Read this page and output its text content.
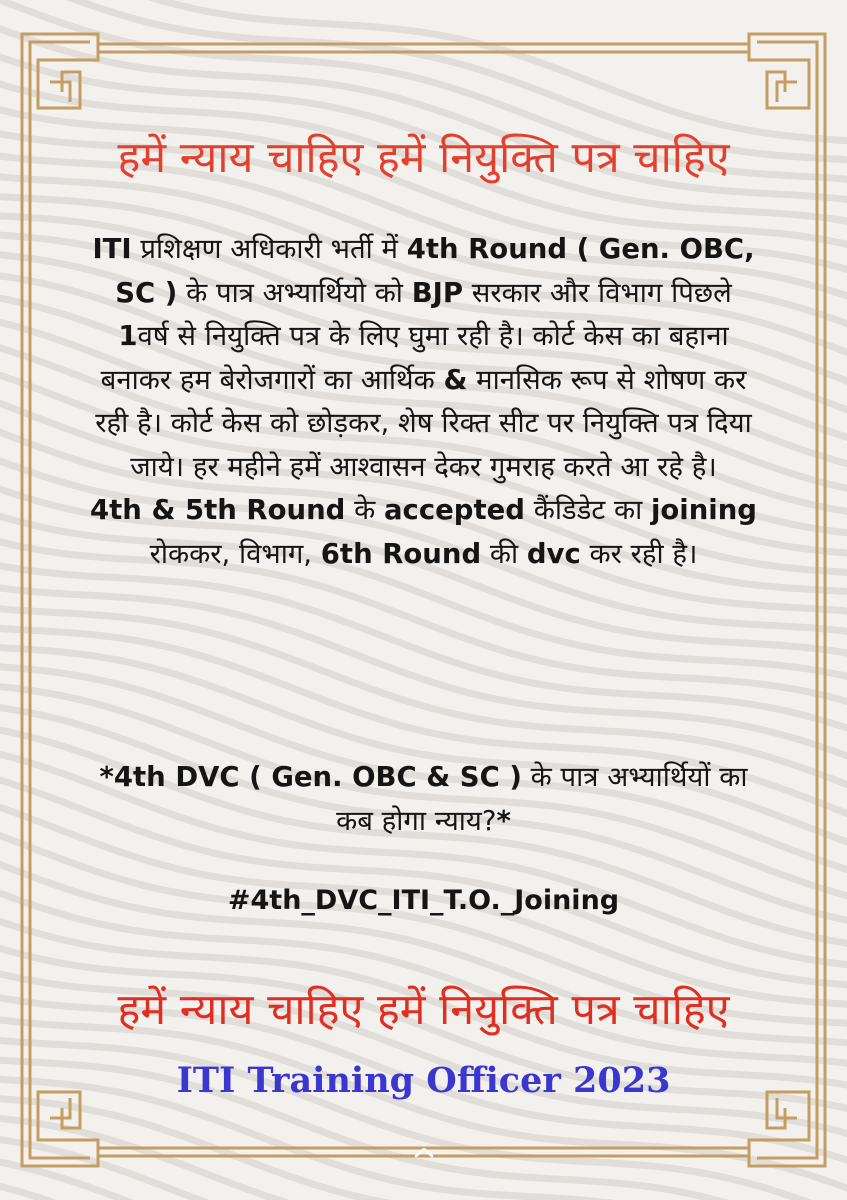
हमें न्याय चाहिए हमें नियुक्ति पत्र चाहिए

ITI प्रशिक्षण अधिकारी भर्ती में 4th Round ( Gen. OBC, SC ) के पात्र अभ्यार्थियो को BJP सरकार और विभाग पिछले 1वर्ष से नियुक्ति पत्र के लिए घुमा रही है। कोर्ट केस का बहाना बनाकर हम बेरोजगारों का आर्थिक & मानसिक रूप से शोषण कर रही है। कोर्ट केस को छोड़कर, शेष रिक्त सीट पर नियुक्ति पत्र दिया जाये। हर महीने हमें आश्वासन देकर गुमराह करते आ रहे है।

4th & 5th Round के accepted कैंडिडेट का joining रोककर, विभाग, 6th Round की dvc कर रही है।

*4th DVC ( Gen. OBC & SC ) के पात्र अभ्यार्थियों का कब होगा न्याय?*
#4th_DVC_ITI_T.O._Joining
हमें न्याय चाहिए हमें नियुक्ति पत्र चाहिए
ITI Training Officer 2023
